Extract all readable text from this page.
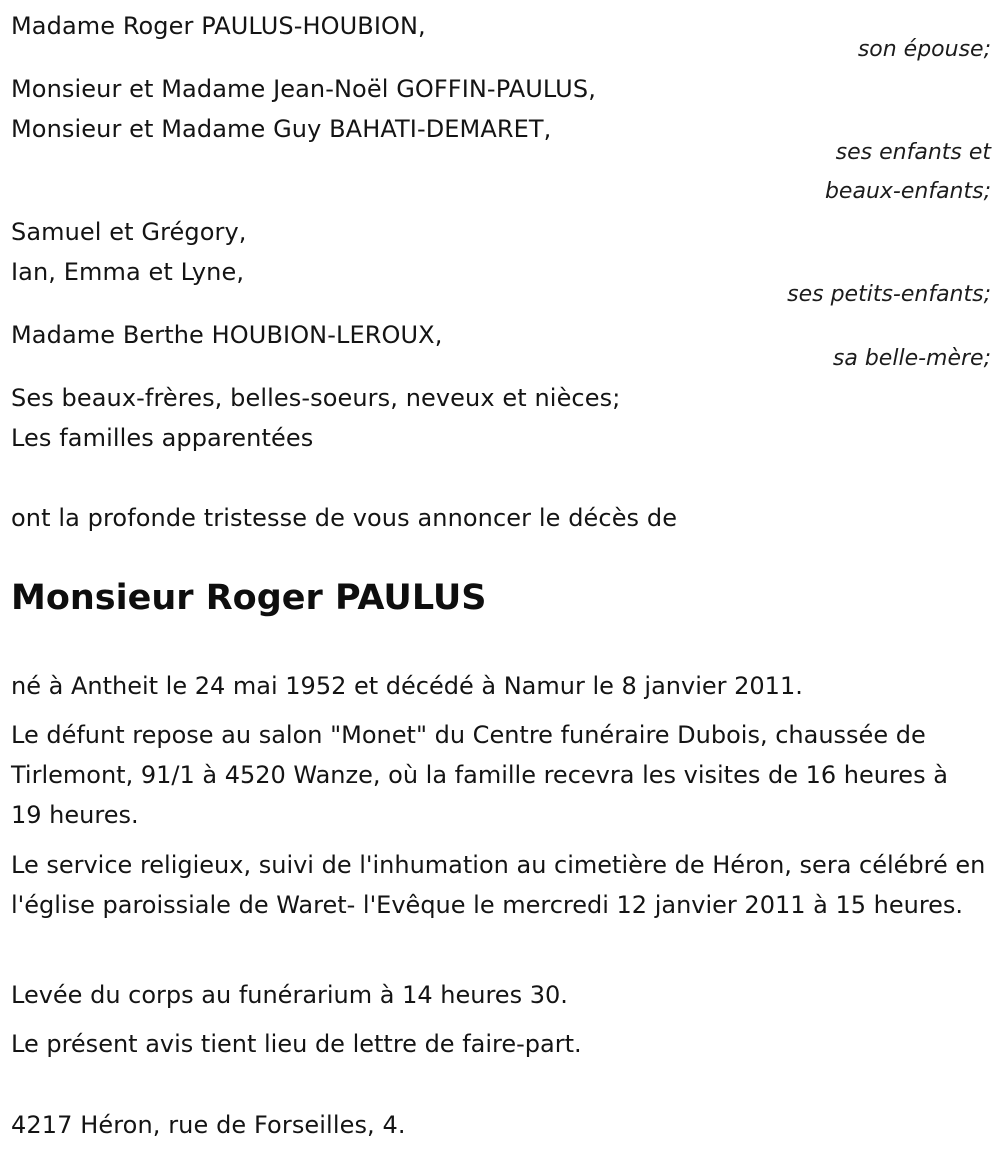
Madame Roger PAULUS-HOUBION,
son épouse;
Monsieur et Madame Jean-Noël GOFFIN-PAULUS,
Monsieur et Madame Guy BAHATI-DEMARET,
ses enfants et
beaux-enfants;
Samuel et Grégory,
Ian, Emma et Lyne,
ses petits-enfants;
Madame Berthe HOUBION-LEROUX,
sa belle-mère;
Ses beaux-frères, belles-soeurs, neveux et nièces;
Les familles apparentées
ont la profonde tristesse de vous annoncer le décès de
Monsieur Roger PAULUS
né à Antheit le 24 mai 1952 et décédé à Namur le 8 janvier 2011.
Le défunt repose au salon "Monet" du Centre funéraire Dubois, chaussée de Tirlemont, 91/1 à 4520 Wanze, où la famille recevra les visites de 16 heures à 19 heures.
Le service religieux, suivi de l'inhumation au cimetière de Héron, sera célébré en l'église paroissiale de Waret- l'Evêque le mercredi 12 janvier 2011 à 15 heures.
Levée du corps au funérarium à 14 heures 30.
Le présent avis tient lieu de lettre de faire-part.
4217 Héron, rue de Forseilles, 4.
